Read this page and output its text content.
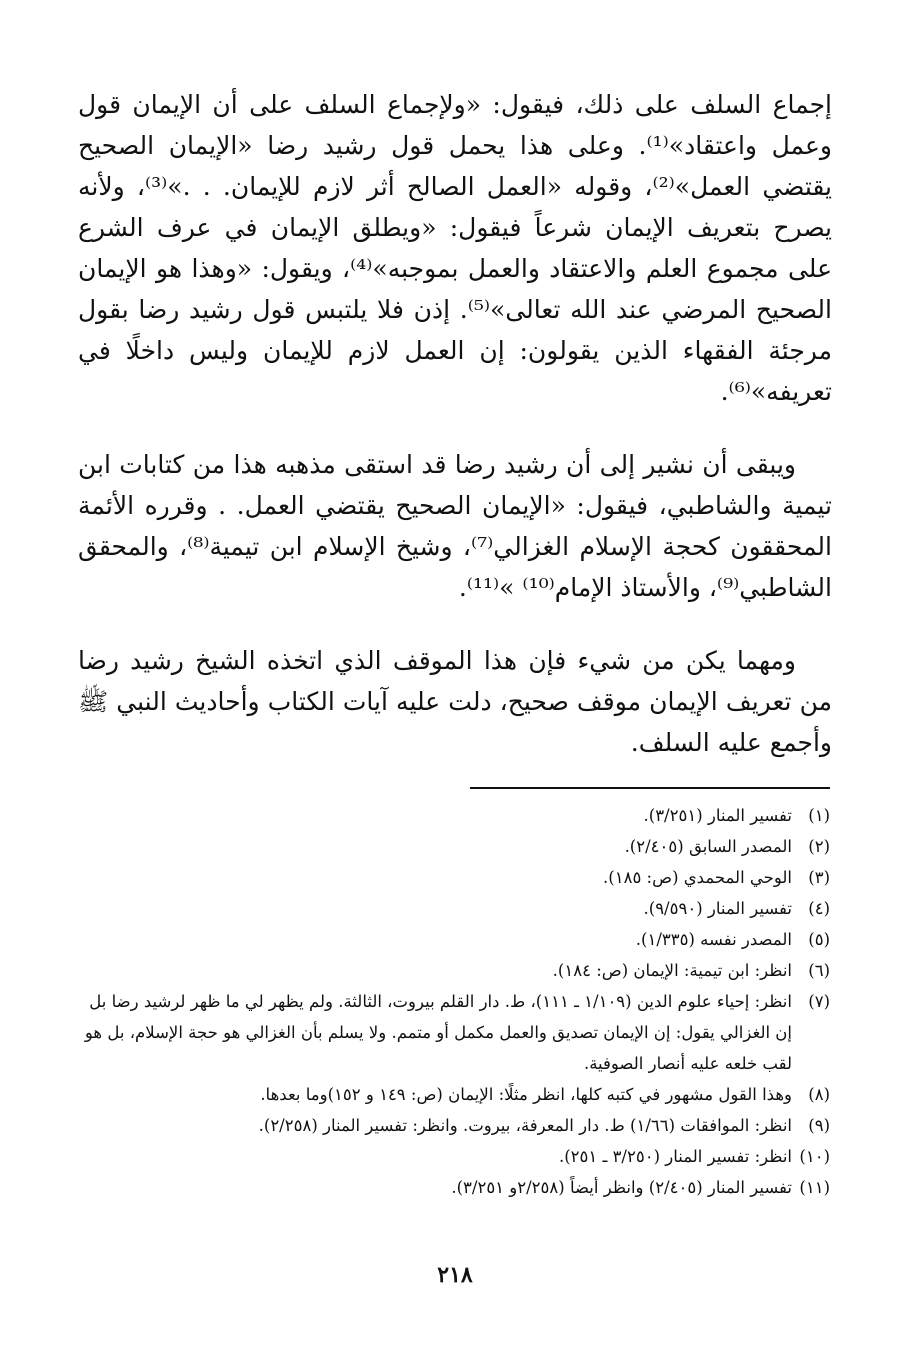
إجماع السلف على ذلك، فيقول: «ولإجماع السلف على أن الإيمان قول وعمل واعتقاد»⁽¹⁾. وعلى هذا يحمل قول رشيد رضا «الإيمان الصحيح يقتضي العمل»⁽²⁾، وقوله «العمل الصالح أثر لازم للإيمان. . .»⁽³⁾، ولأنه يصرح بتعريف الإيمان شرعاً فيقول: «ويطلق الإيمان في عرف الشرع على مجموع العلم والاعتقاد والعمل بموجبه»⁽⁴⁾، ويقول: «وهذا هو الإيمان الصحيح المرضي عند الله تعالى»⁽⁵⁾. إذن فلا يلتبس قول رشيد رضا بقول مرجئة الفقهاء الذين يقولون: إن العمل لازم للإيمان وليس داخلًا في تعريفه»⁽⁶⁾.

ويبقى أن نشير إلى أن رشيد رضا قد استقى مذهبه هذا من كتابات ابن تيمية والشاطبي، فيقول: «الإيمان الصحيح يقتضي العمل. . وقرره الأئمة المحققون كحجة الإسلام الغزالي⁽⁷⁾، وشيخ الإسلام ابن تيمية⁽⁸⁾، والمحقق الشاطبي⁽⁹⁾، والأستاذ الإمام⁽¹⁰⁾ »⁽¹¹⁾.

ومهما يكن من شيء فإن هذا الموقف الذي اتخذه الشيخ رشيد رضا من تعريف الإيمان موقف صحيح، دلت عليه آيات الكتاب وأحاديث النبي ﷺ وأجمع عليه السلف.

(١)
تفسير المنار (٣/٢٥١).
(٢)
المصدر السابق (٢/٤٠٥).
(٣)
الوحي المحمدي (ص: ١٨٥).
(٤)
تفسير المنار (٩/٥٩٠).
(٥)
المصدر نفسه (١/٣٣٥).
(٦)
انظر: ابن تيمية: الإيمان (ص: ١٨٤).
(٧)
انظر: إحياء علوم الدين (١/١٠٩ ـ ١١١)، ط. دار القلم بيروت، الثالثة. ولم يظهر لي ما ظهر لرشيد رضا بل إن الغزالي يقول: إن الإيمان تصديق والعمل مكمل أو متمم. ولا يسلم بأن الغزالي هو حجة الإسلام، بل هو لقب خلعه عليه أنصار الصوفية.
(٨)
وهذا القول مشهور في كتبه كلها، انظر مثلًا: الإيمان (ص: ١٤٩ و ١٥٢)وما بعدها.
(٩)
انظر: الموافقات (١/٦٦) ط. دار المعرفة، بيروت. وانظر: تفسير المنار (٢/٢٥٨).
(١٠)
انظر: تفسير المنار (٣/٢٥٠ ـ ٢٥١).
(١١)
تفسير المنار (٢/٤٠٥) وانظر أيضاً (٢/٢٥٨و ٣/٢٥١).
٢١٨
